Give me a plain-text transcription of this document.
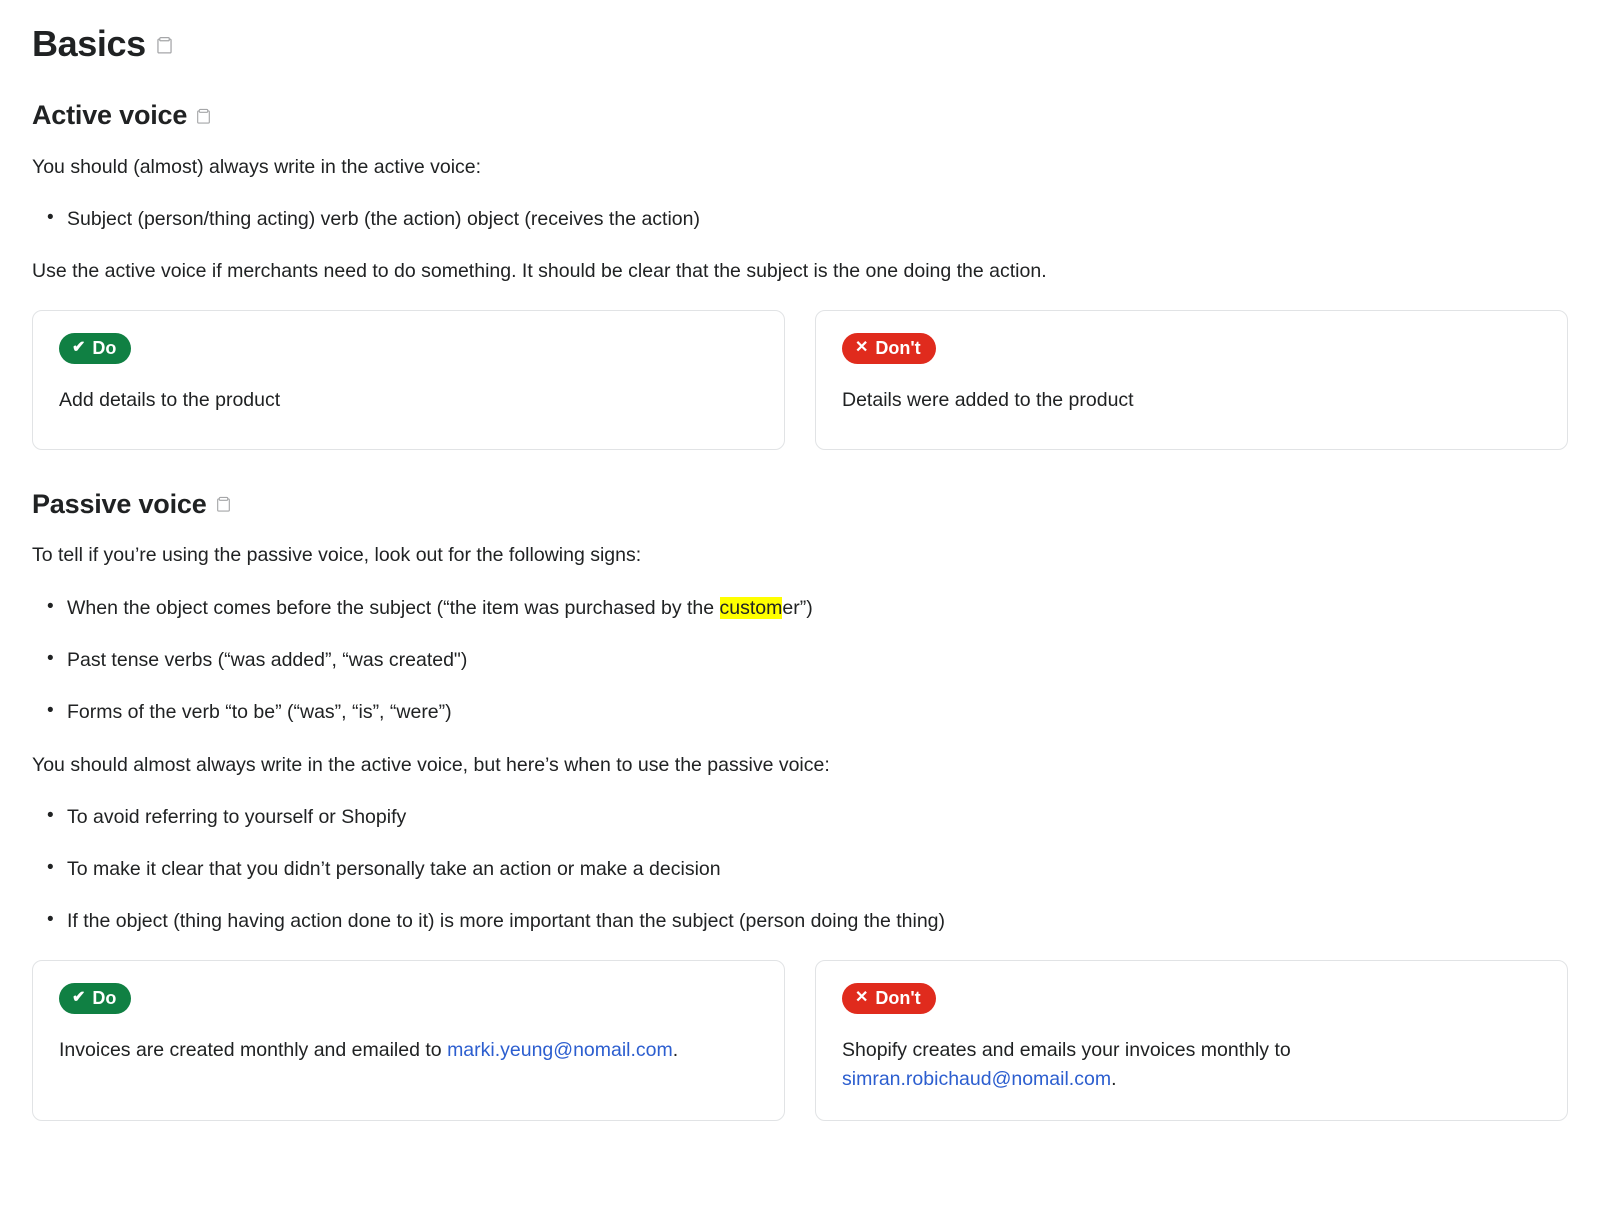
Basics
Active voice

You should (almost) always write in the active voice:

• Subject (person/thing acting) verb (the action) object (receives the action)

Use the active voice if merchants need to do something. It should be clear that the subject is the one doing the action.

✔ Do
Add details to the product
✕ Don't
Details were added to the product
Passive voice

To tell if you’re using the passive voice, look out for the following signs:

• When the object comes before the subject (“the item was purchased by the customer”)
• Past tense verbs (“was added”, “was created")
• Forms of the verb “to be” (“was”, “is”, “were”)

You should almost always write in the active voice, but here’s when to use the passive voice:

• To avoid referring to yourself or Shopify
• To make it clear that you didn’t personally take an action or make a decision
• If the object (thing having action done to it) is more important than the subject (person doing the thing)
✔ Do
Invoices are created monthly and emailed to marki.yeung@nomail.com.
✕ Don't
Shopify creates and emails your invoices monthly to simran.robichaud@nomail.com.
